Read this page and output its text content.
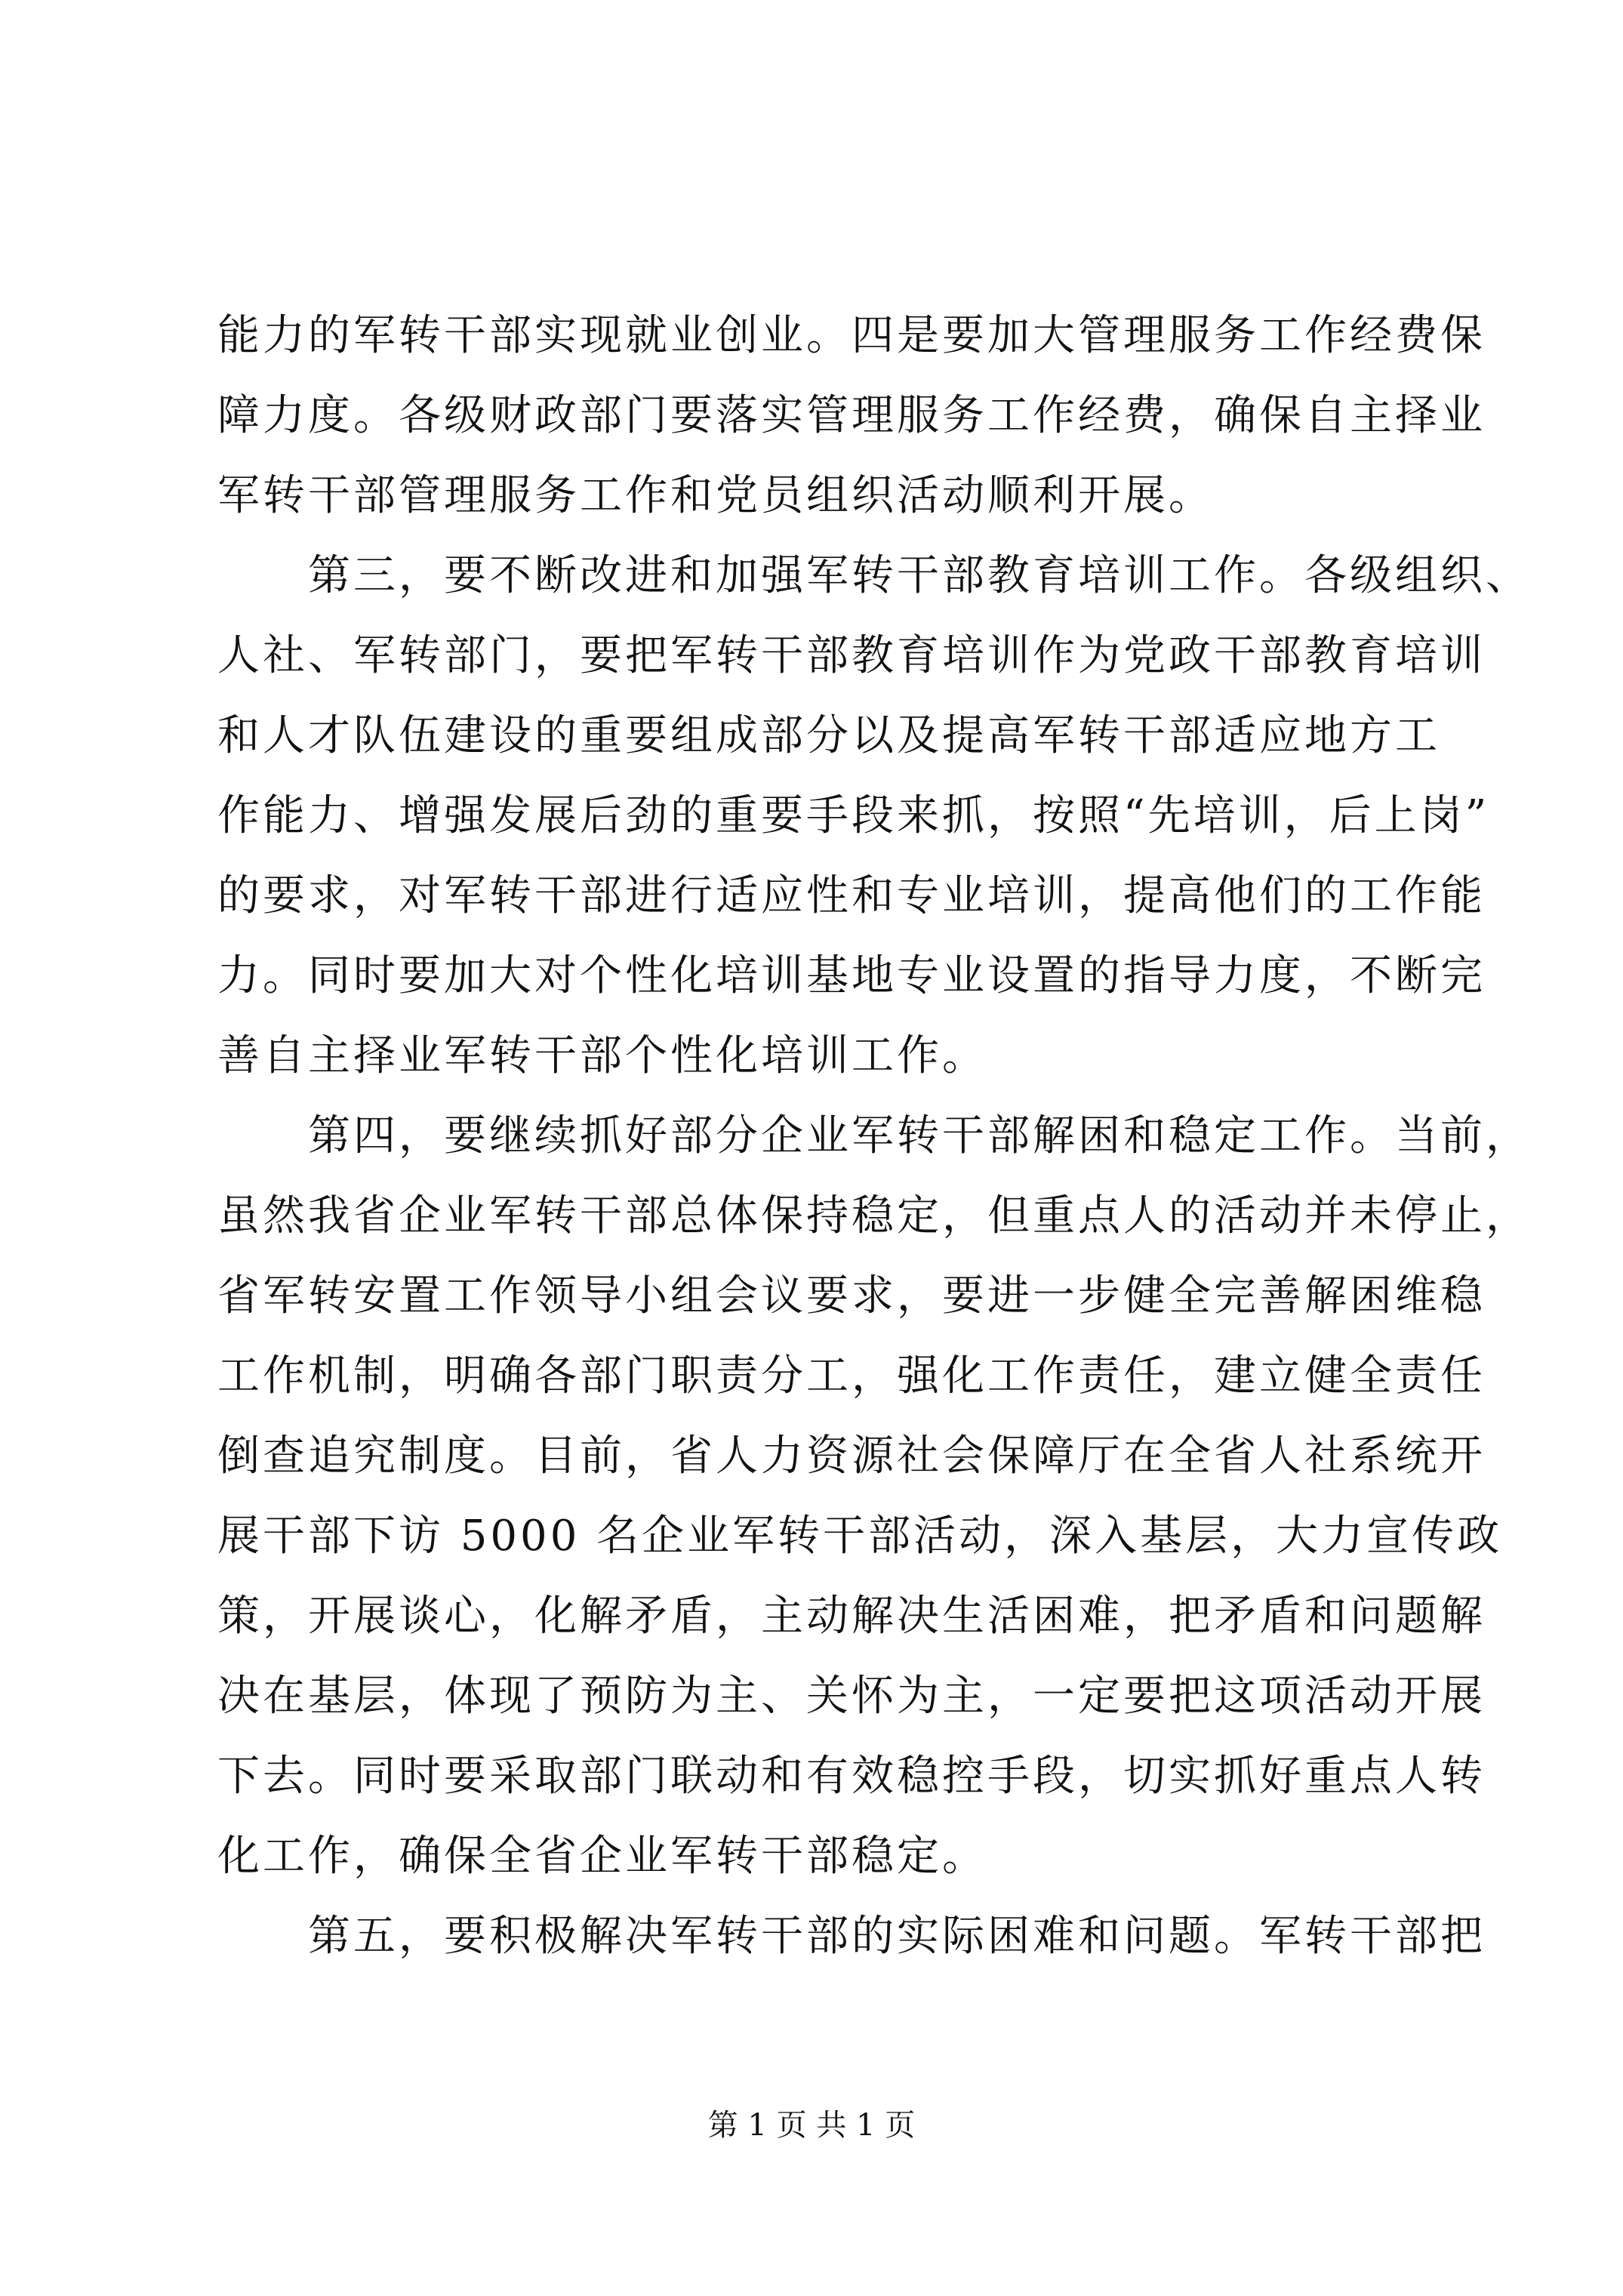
能力的军转干部实现就业创业。四是要加大管理服务工作经费保
障力度。各级财政部门要落实管理服务工作经费，确保自主择业
军转干部管理服务工作和党员组织活动顺利开展。
　　第三，要不断改进和加强军转干部教育培训工作。各级组织、
人社、军转部门，要把军转干部教育培训作为党政干部教育培训
和人才队伍建设的重要组成部分以及提高军转干部适应地方工
作能力、增强发展后劲的重要手段来抓，按照“先培训，后上岗”
的要求，对军转干部进行适应性和专业培训，提高他们的工作能
力。同时要加大对个性化培训基地专业设置的指导力度，不断完
善自主择业军转干部个性化培训工作。
　　第四，要继续抓好部分企业军转干部解困和稳定工作。当前，
虽然我省企业军转干部总体保持稳定，但重点人的活动并未停止，
省军转安置工作领导小组会议要求，要进一步健全完善解困维稳
工作机制，明确各部门职责分工，强化工作责任，建立健全责任
倒查追究制度。目前，省人力资源社会保障厅在全省人社系统开
展干部下访 5000 名企业军转干部活动，深入基层，大力宣传政
策，开展谈心，化解矛盾，主动解决生活困难，把矛盾和问题解
决在基层，体现了预防为主、关怀为主，一定要把这项活动开展
下去。同时要采取部门联动和有效稳控手段，切实抓好重点人转
化工作，确保全省企业军转干部稳定。
　　第五，要积极解决军转干部的实际困难和问题。军转干部把
第 1 页 共 1 页
